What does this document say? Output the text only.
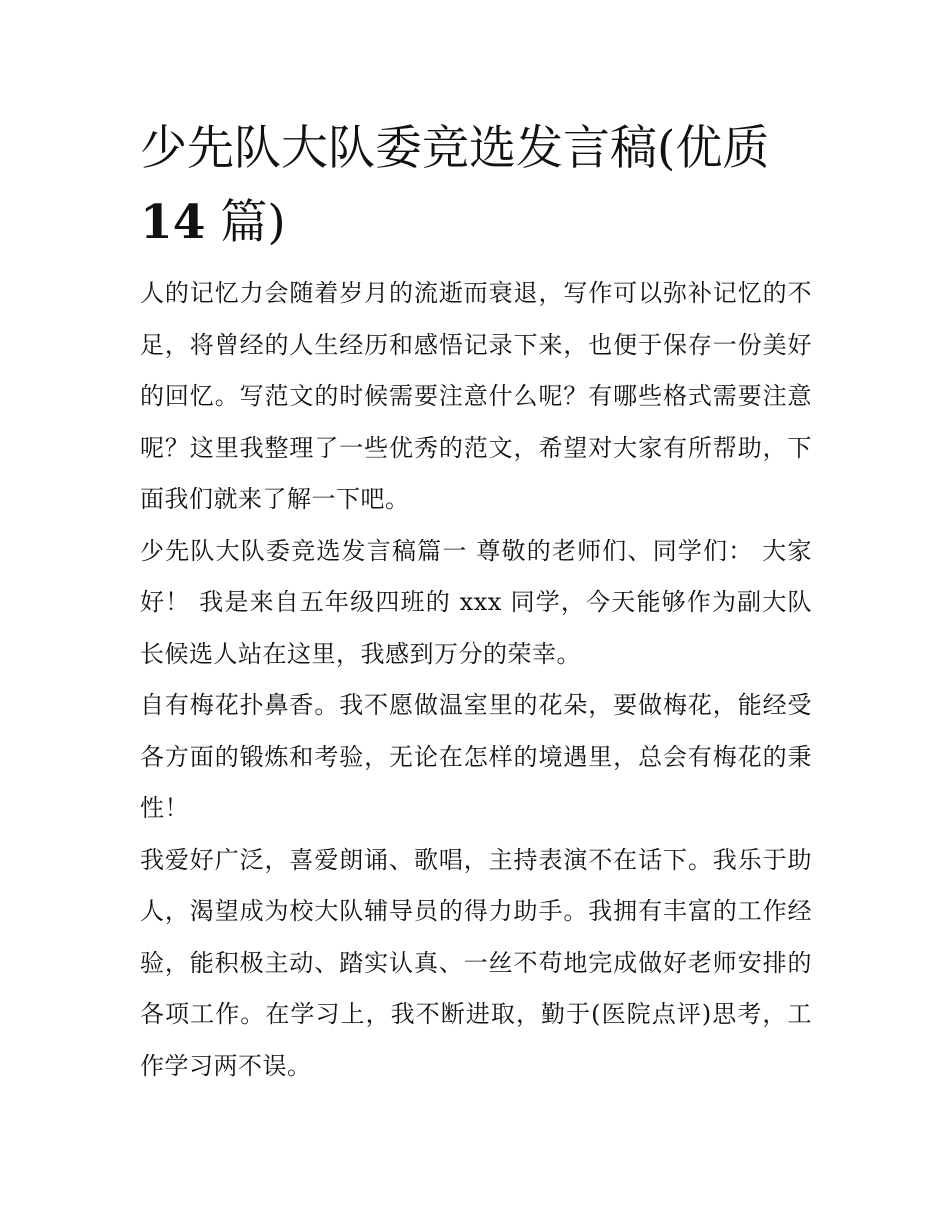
少先队大队委竞选发言稿(优质
14 篇)

人的记忆力会随着岁月的流逝而衰退，写作可以弥补记忆的不足，将曾经的人生经历和感悟记录下来，也便于保存一份美好的回忆。写范文的时候需要注意什么呢？有哪些格式需要注意呢？这里我整理了一些优秀的范文，希望对大家有所帮助，下面我们就来了解一下吧。

少先队大队委竞选发言稿篇一 尊敬的老师们、同学们： 大家好！ 我是来自五年级四班的 xxx 同学，今天能够作为副大队长候选人站在这里，我感到万分的荣幸。

自有梅花扑鼻香。我不愿做温室里的花朵，要做梅花，能经受各方面的锻炼和考验，无论在怎样的境遇里，总会有梅花的秉性！

我爱好广泛，喜爱朗诵、歌唱，主持表演不在话下。我乐于助人，渴望成为校大队辅导员的得力助手。我拥有丰富的工作经验，能积极主动、踏实认真、一丝不苟地完成做好老师安排的各项工作。在学习上，我不断进取，勤于(医院点评)思考，工作学习两不误。
